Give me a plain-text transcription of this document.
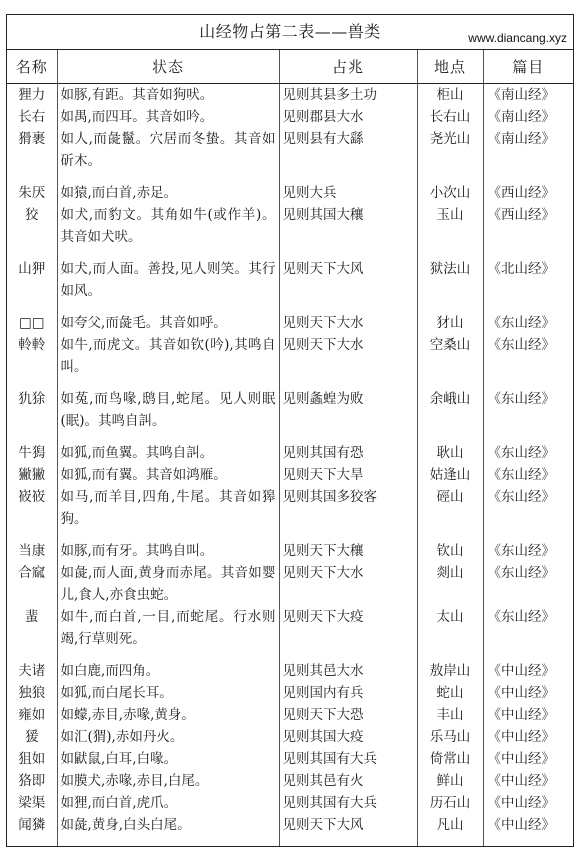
山经物占第二表——兽类	www.diancang.xyz
名称	状态	占兆	地点	篇目
狸力	如豚,有距。其音如狗吠。	见则其县多土功	柜山	《南山经》
长右	如禺,而四耳。其音如吟。	见则郡县大水	长右山	《南山经》
猾裹	如人,而彘鬣。穴居而冬蛰。其音如斫木。	见则县有大繇	尧光山	《南山经》
朱厌	如猿,而白首,赤足。	见则大兵	小次山	《西山经》
狡	如犬,而豹文。其角如牛(或作羊)。其音如犬吠。	见则其国大穰	玉山	《西山经》
山狎	如犬,而人面。善投,见人则笑。其行如风。	见则天下大风	狱法山	《北山经》
□□	如夸父,而彘毛。其音如呼。	见则天下大水	犲山	《东山经》
軨軨	如牛,而虎文。其音如钦(吟),其鸣自叫。	见则天下大水	空桑山	《东山经》
犰狳	如菟,而鸟喙,鸱目,蛇尾。见人则眠(眠)。其鸣自訆。	见则螽蝗为败	余峨山	《东山经》
牛獡	如狐,而鱼翼。其鸣自訆。	见则其国有恐	耿山	《东山经》
獙獙	如狐,而有翼。其音如鸿雁。	见则天下大旱	姑逢山	《东山经》
峳峳	如马,而羊目,四角,牛尾。其音如獆狗。	见则其国多狡客	硜山	《东山经》
当康	如豚,而有牙。其鸣自叫。	见则天下大穰	钦山	《东山经》
合窳	如彘,而人面,黄身而赤尾。其音如婴儿,食人,亦食虫蛇。	见则天下大水	剡山	《东山经》
蜚	如牛,而白首,一目,而蛇尾。行水则竭,行草则死。	见则天下大疫	太山	《东山经》
夫诸	如白鹿,而四角。	见则其邑大水	敖岸山	《中山经》
独狼	如狐,而白尾长耳。	见则国内有兵	蛇山	《中山经》
雍如	如蠓,赤目,赤喙,黄身。	见则天下大恐	丰山	《中山经》
猨	如汇(猬),赤如丹火。	见则其国大疫	乐马山	《中山经》
狙如	如鼣鼠,白耳,白喙。	见则其国有大兵	倚常山	《中山经》
狢即	如膜犬,赤喙,赤目,白尾。	见则其邑有火	鲜山	《中山经》
梁渠	如狸,而白首,虎爪。	见则其国有大兵	历石山	《中山经》
闻獜	如彘,黄身,白头白尾。	见则天下大风	凡山	《中山经》
